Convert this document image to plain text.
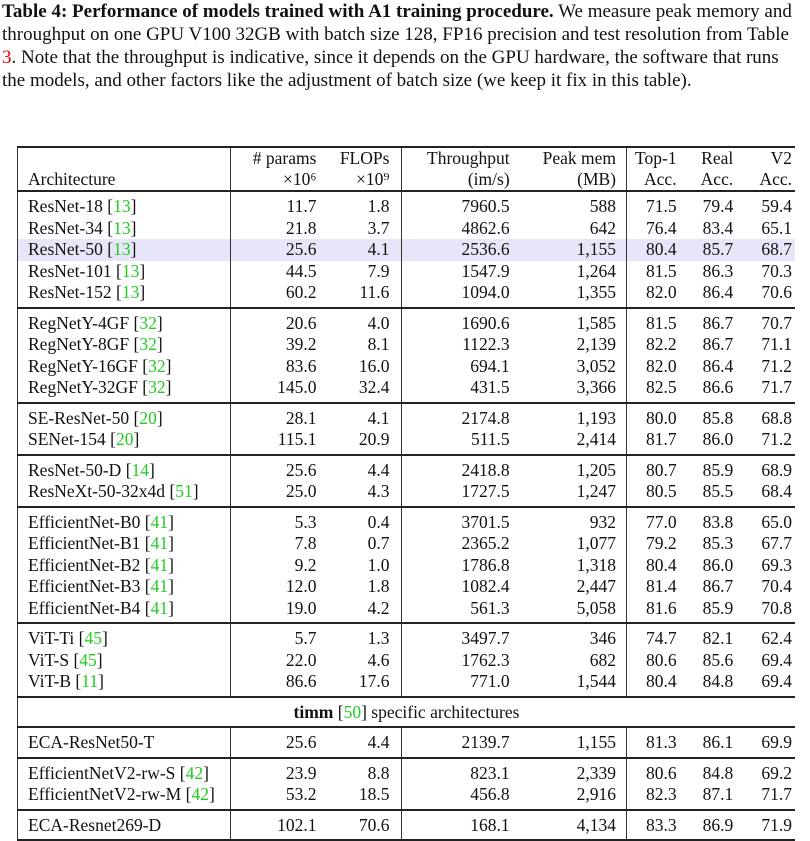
Table 4: Performance of models trained with A1 training procedure. We measure peak memory and throughput on one GPU V100 32GB with batch size 128, FP16 precision and test resolution from Table 3. Note that the throughput is indicative, since it depends on the GPU hardware, the software that runs the models, and other factors like the adjustment of batch size (we keep it fix in this table).
	# params	FLOPs	Throughput	Peak mem	Top-1	Real	V2
Architecture	×10⁶	×10⁹	(im/s)	(MB)	Acc.	Acc.	Acc.
ResNet-18 [13]	11.7	1.8	7960.5	588	71.5	79.4	59.4
ResNet-34 [13]	21.8	3.7	4862.6	642	76.4	83.4	65.1
ResNet-50 [13]	25.6	4.1	2536.6	1,155	80.4	85.7	68.7
ResNet-101 [13]	44.5	7.9	1547.9	1,264	81.5	86.3	70.3
ResNet-152 [13]	60.2	11.6	1094.0	1,355	82.0	86.4	70.6
RegNetY-4GF [32]	20.6	4.0	1690.6	1,585	81.5	86.7	70.7
RegNetY-8GF [32]	39.2	8.1	1122.3	2,139	82.2	86.7	71.1
RegNetY-16GF [32]	83.6	16.0	694.1	3,052	82.0	86.4	71.2
RegNetY-32GF [32]	145.0	32.4	431.5	3,366	82.5	86.6	71.7
SE-ResNet-50 [20]	28.1	4.1	2174.8	1,193	80.0	85.8	68.8
SENet-154 [20]	115.1	20.9	511.5	2,414	81.7	86.0	71.2
ResNet-50-D [14]	25.6	4.4	2418.8	1,205	80.7	85.9	68.9
ResNeXt-50-32x4d [51]	25.0	4.3	1727.5	1,247	80.5	85.5	68.4
EfficientNet-B0 [41]	5.3	0.4	3701.5	932	77.0	83.8	65.0
EfficientNet-B1 [41]	7.8	0.7	2365.2	1,077	79.2	85.3	67.7
EfficientNet-B2 [41]	9.2	1.0	1786.8	1,318	80.4	86.0	69.3
EfficientNet-B3 [41]	12.0	1.8	1082.4	2,447	81.4	86.7	70.4
EfficientNet-B4 [41]	19.0	4.2	561.3	5,058	81.6	85.9	70.8
ViT-Ti [45]	5.7	1.3	3497.7	346	74.7	82.1	62.4
ViT-S [45]	22.0	4.6	1762.3	682	80.6	85.6	69.4
ViT-B [11]	86.6	17.6	771.0	1,544	80.4	84.8	69.4
timm [50] specific architectures							
ECA-ResNet50-T	25.6	4.4	2139.7	1,155	81.3	86.1	69.9
EfficientNetV2-rw-S [42]	23.9	8.8	823.1	2,339	80.6	84.8	69.2
EfficientNetV2-rw-M [42]	53.2	18.5	456.8	2,916	82.3	87.1	71.7
ECA-Resnet269-D	102.1	70.6	168.1	4,134	83.3	86.9	71.9
